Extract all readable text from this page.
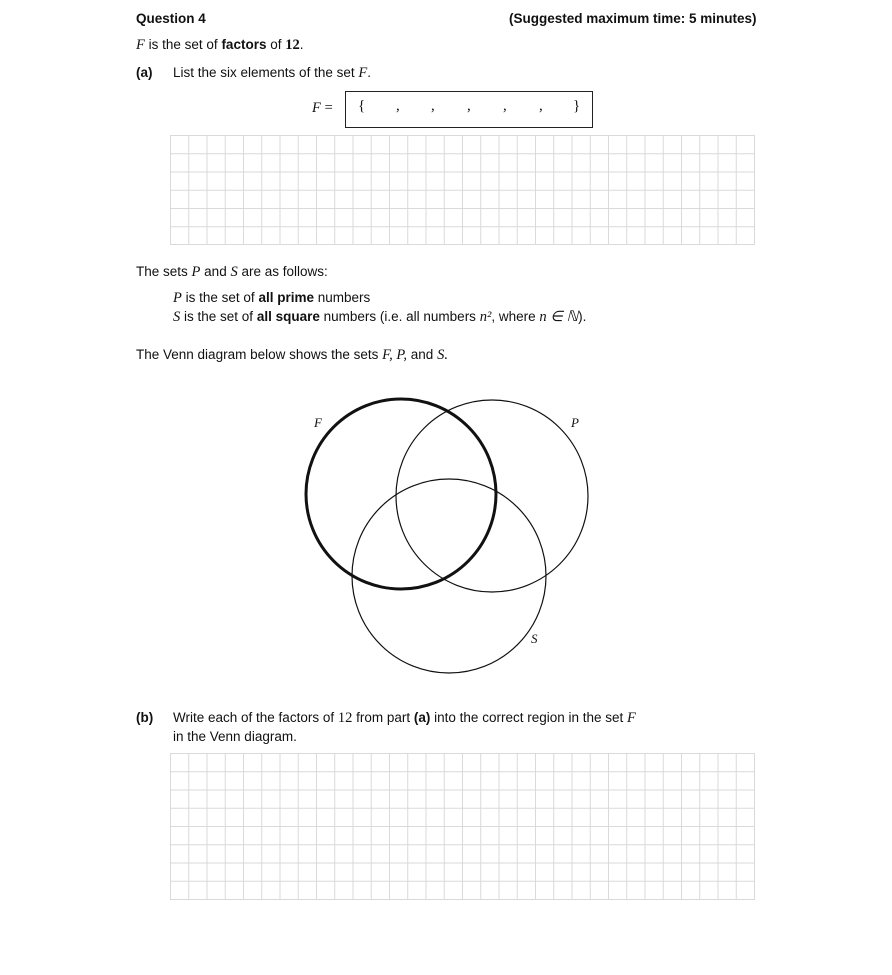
Question 4	(Suggested maximum time: 5 minutes)
F is the set of factors of 12.
(a) List the six elements of the set F.
F = { , , , , , }
The sets P and S are as follows:
P is the set of all prime numbers
S is the set of all square numbers (i.e. all numbers n², where n ∈ ℕ).
The Venn diagram below shows the sets F, P, and S.
F	P
S
(b) Write each of the factors of 12 from part (a) into the correct region in the set F
in the Venn diagram.
